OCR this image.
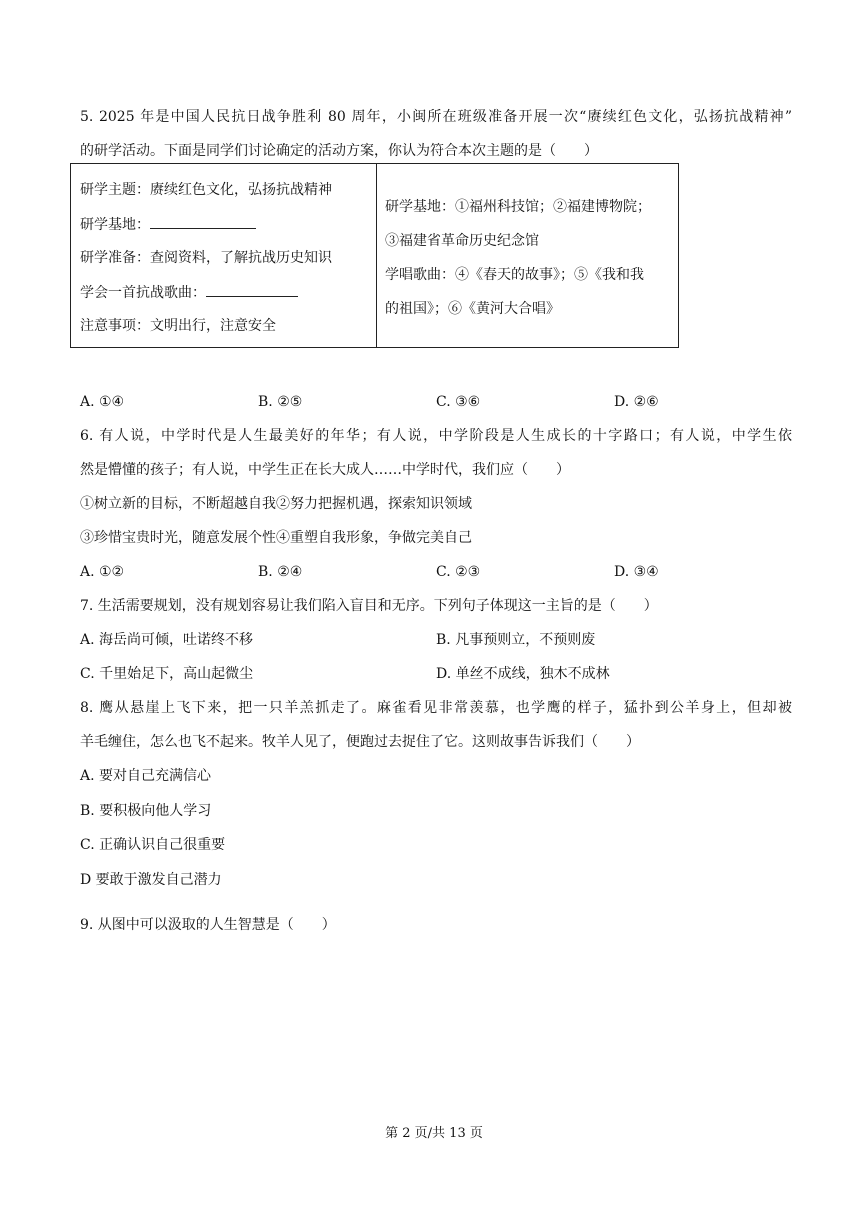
5. 2025 年是中国人民抗日战争胜利 80 周年，小闽所在班级准备开展一次“赓续红色文化，弘扬抗战精神”
的研学活动。下面是同学们讨论确定的活动方案，你认为符合本次主题的是（　　）
研学主题：赓续红色文化，弘扬抗战精神
研学基地：
研学准备：查阅资料，了解抗战历史知识
学会一首抗战歌曲：
注意事项：文明出行，注意安全
研学基地：①福州科技馆；②福建博物院；
③福建省革命历史纪念馆
学唱歌曲：④《春天的故事》；⑤《我和我
的祖国》；⑥《黄河大合唱》
A. ①④	B. ②⑤	C. ③⑥	D. ②⑥
6. 有人说，中学时代是人生最美好的年华；有人说，中学阶段是人生成长的十字路口；有人说，中学生依
然是懵懂的孩子；有人说，中学生正在长大成人……中学时代，我们应（　　）
①树立新的目标，不断超越自我②努力把握机遇，探索知识领域
③珍惜宝贵时光，随意发展个性④重塑自我形象，争做完美自己
A. ①②	B. ②④	C. ②③	D. ③④
7. 生活需要规划，没有规划容易让我们陷入盲目和无序。下列句子体现这一主旨的是（　　）
A. 海岳尚可倾，吐诺终不移	B. 凡事预则立，不预则废
C. 千里始足下，高山起微尘	D. 单丝不成线，独木不成林
8. 鹰从悬崖上飞下来，把一只羊羔抓走了。麻雀看见非常羡慕，也学鹰的样子，猛扑到公羊身上，但却被
羊毛缠住，怎么也飞不起来。牧羊人见了，便跑过去捉住了它。这则故事告诉我们（　　）
A. 要对自己充满信心
B. 要积极向他人学习
C. 正确认识自己很重要
D 要敢于激发自己潜力
9. 从图中可以汲取的人生智慧是（　　）
第 2 页/共 13 页
